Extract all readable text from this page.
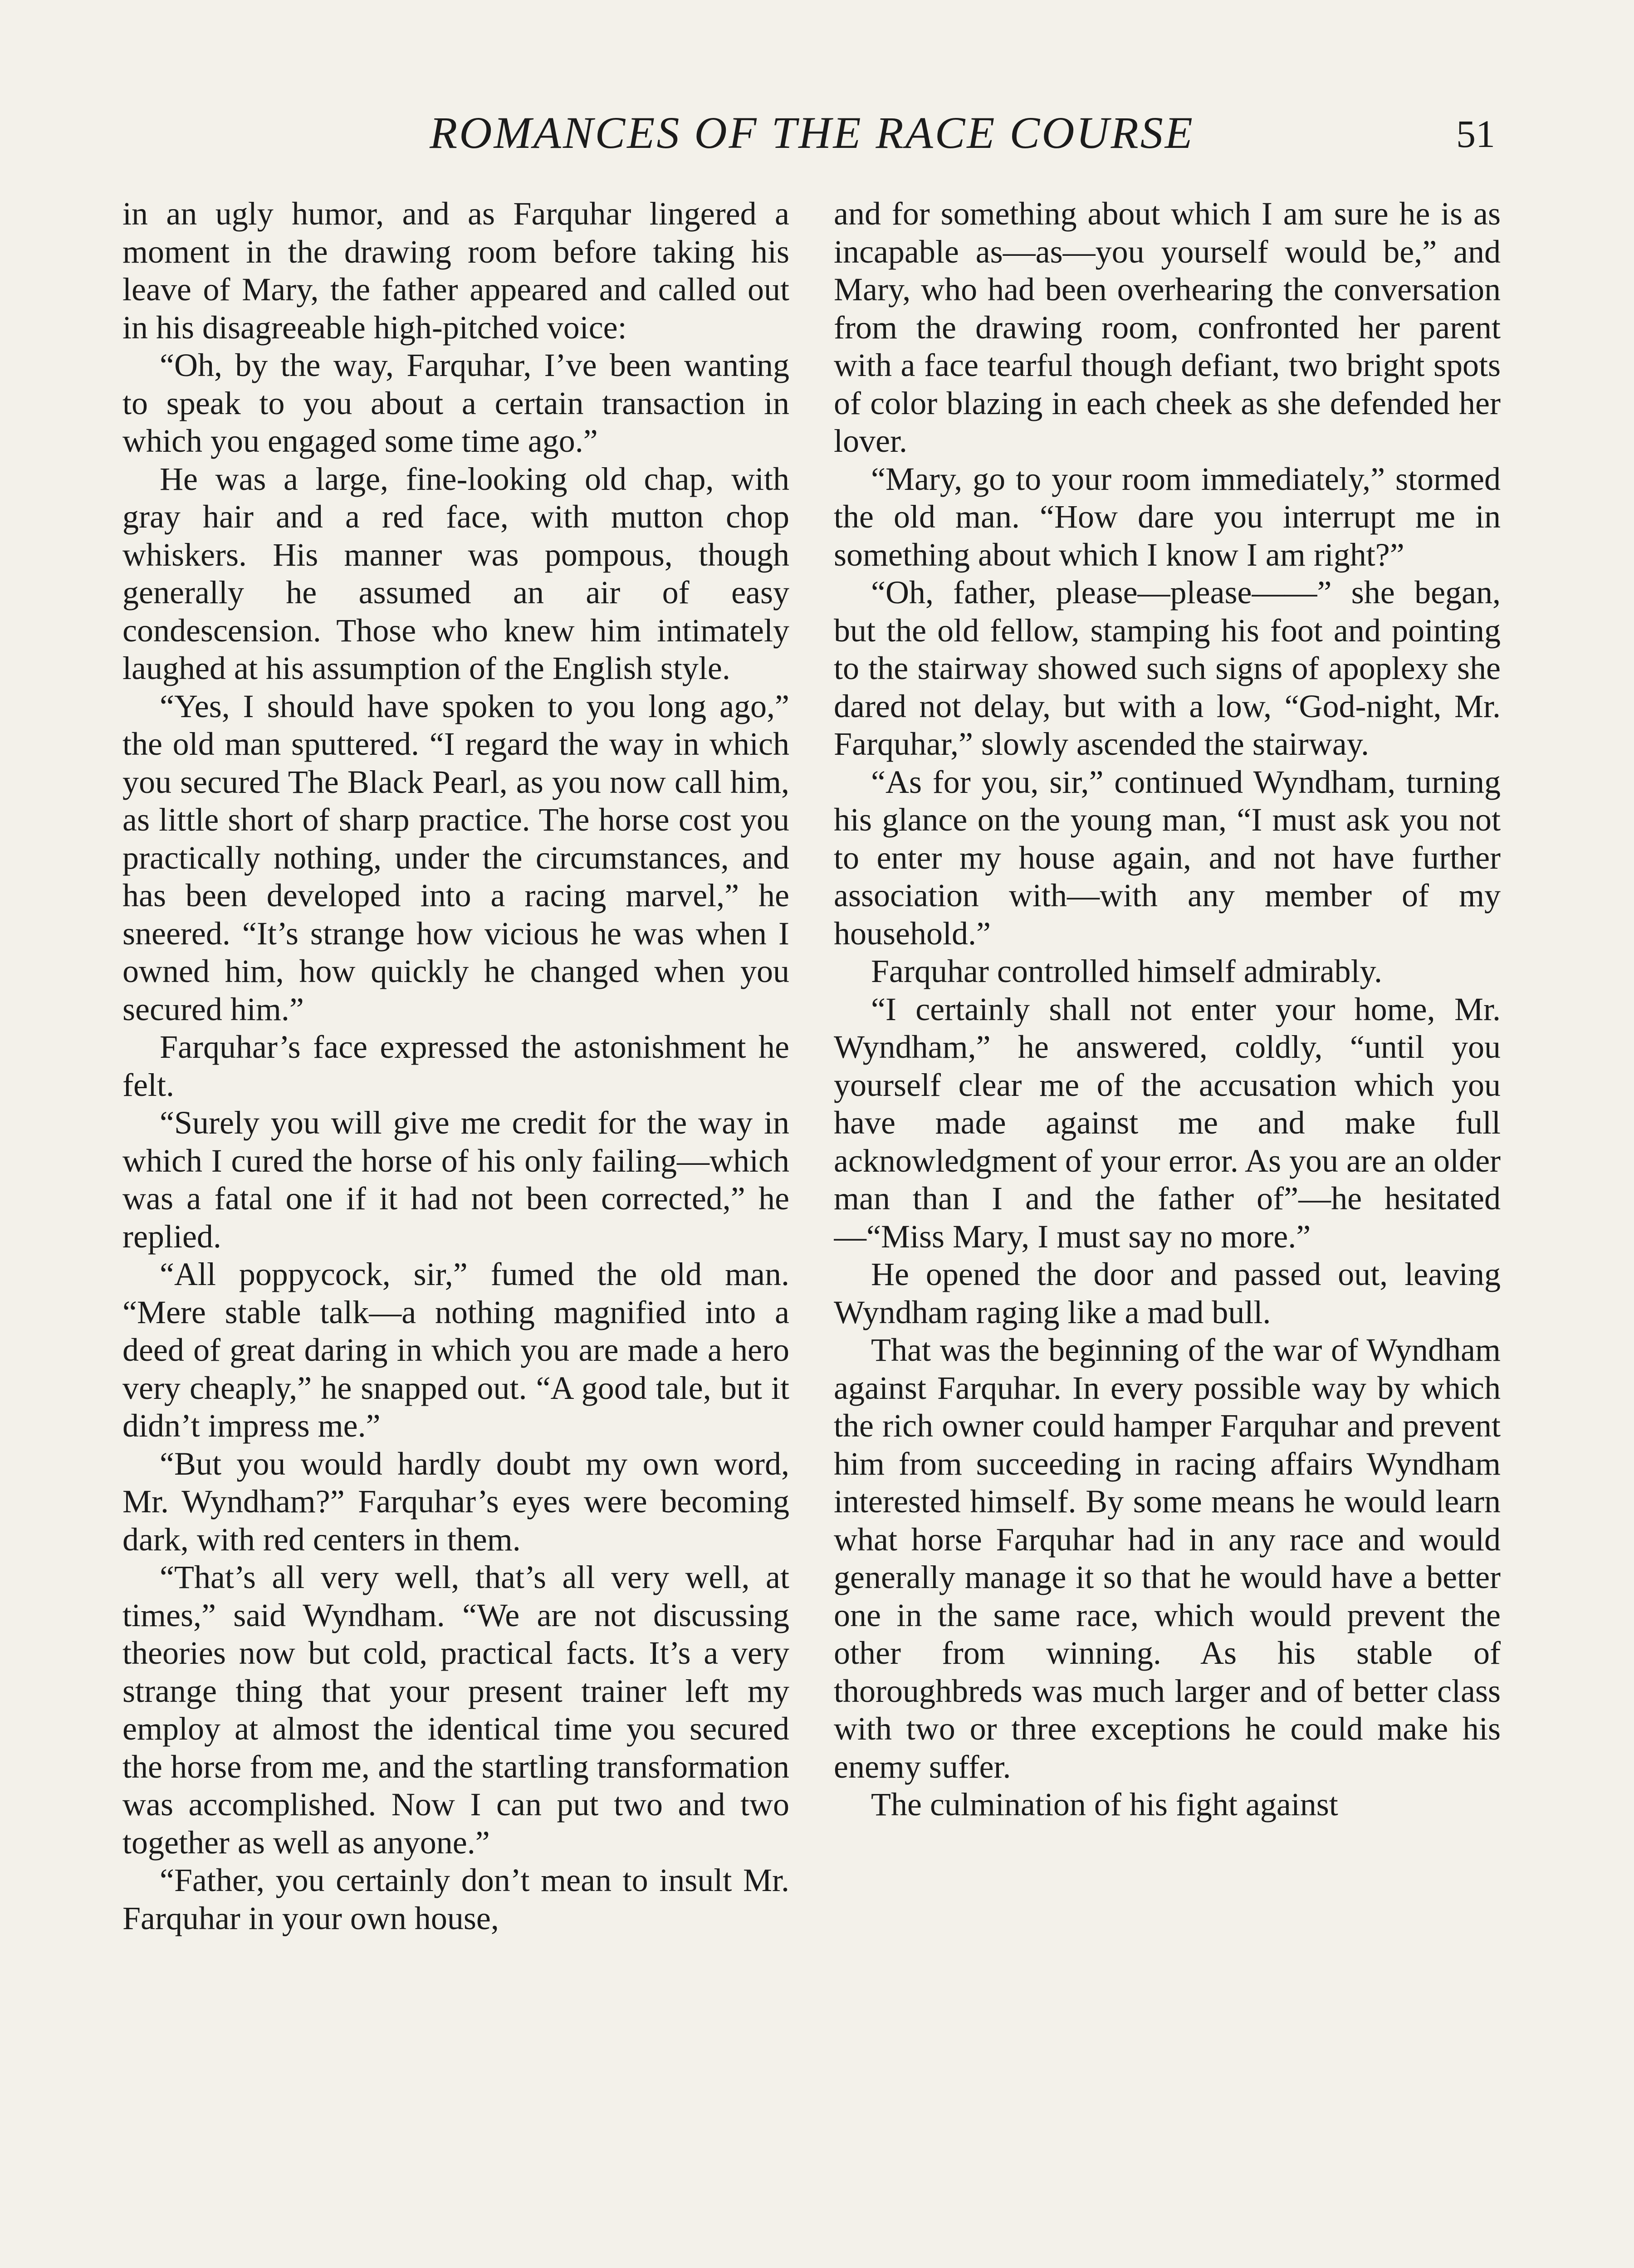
ROMANCES OF THE RACE COURSE	51

in an ugly humor, and as Farquhar lingered a moment in the drawing room before taking his leave of Mary, the father appeared and called out in his disagreeable high-pitched voice:

“Oh, by the way, Farquhar, I’ve been wanting to speak to you about a certain transaction in which you engaged some time ago.”

He was a large, fine-looking old chap, with gray hair and a red face, with mutton chop whiskers. His manner was pompous, though generally he assumed an air of easy condescension. Those who knew him intimately laughed at his assumption of the English style.

“Yes, I should have spoken to you long ago,” the old man sputtered. “I regard the way in which you secured The Black Pearl, as you now call him, as little short of sharp practice. The horse cost you practically nothing, under the circumstances, and has been developed into a racing marvel,” he sneered. “It’s strange how vicious he was when I owned him, how quickly he changed when you secured him.”

Farquhar’s face expressed the astonishment he felt.

“Surely you will give me credit for the way in which I cured the horse of his only failing—which was a fatal one if it had not been corrected,” he replied.

“All poppycock, sir,” fumed the old man. “Mere stable talk—a nothing magnified into a deed of great daring in which you are made a hero very cheaply,” he snapped out. “A good tale, but it didn’t impress me.”

“But you would hardly doubt my own word, Mr. Wyndham?” Farquhar’s eyes were becoming dark, with red centers in them.

“That’s all very well, that’s all very well, at times,” said Wyndham. “We are not discussing theories now but cold, practical facts. It’s a very strange thing that your present trainer left my employ at almost the identical time you secured the horse from me, and the startling transformation was accomplished. Now I can put two and two together as well as anyone.”

“Father, you certainly don’t mean to insult Mr. Farquhar in your own house,

and for something about which I am sure he is as incapable as—as—you yourself would be,” and Mary, who had been overhearing the conversation from the drawing room, confronted her parent with a face tearful though defiant, two bright spots of color blazing in each cheek as she defended her lover.

“Mary, go to your room immediately,” stormed the old man. “How dare you interrupt me in something about which I know I am right?”

“Oh, father, please—please——” she began, but the old fellow, stamping his foot and pointing to the stairway showed such signs of apoplexy she dared not delay, but with a low, “God-night, Mr. Farquhar,” slowly ascended the stairway.

“As for you, sir,” continued Wyndham, turning his glance on the young man, “I must ask you not to enter my house again, and not have further association with—with any member of my household.”

Farquhar controlled himself admirably.

“I certainly shall not enter your home, Mr. Wyndham,” he answered, coldly, “until you yourself clear me of the accusation which you have made against me and make full acknowledgment of your error. As you are an older man than I and the father of”—he hesitated—“Miss Mary, I must say no more.”

He opened the door and passed out, leaving Wyndham raging like a mad bull.

That was the beginning of the war of Wyndham against Farquhar. In every possible way by which the rich owner could hamper Farquhar and prevent him from succeeding in racing affairs Wyndham interested himself. By some means he would learn what horse Farquhar had in any race and would generally manage it so that he would have a better one in the same race, which would prevent the other from winning. As his stable of thoroughbreds was much larger and of better class with two or three exceptions he could make his enemy suffer.

The culmination of his fight against
